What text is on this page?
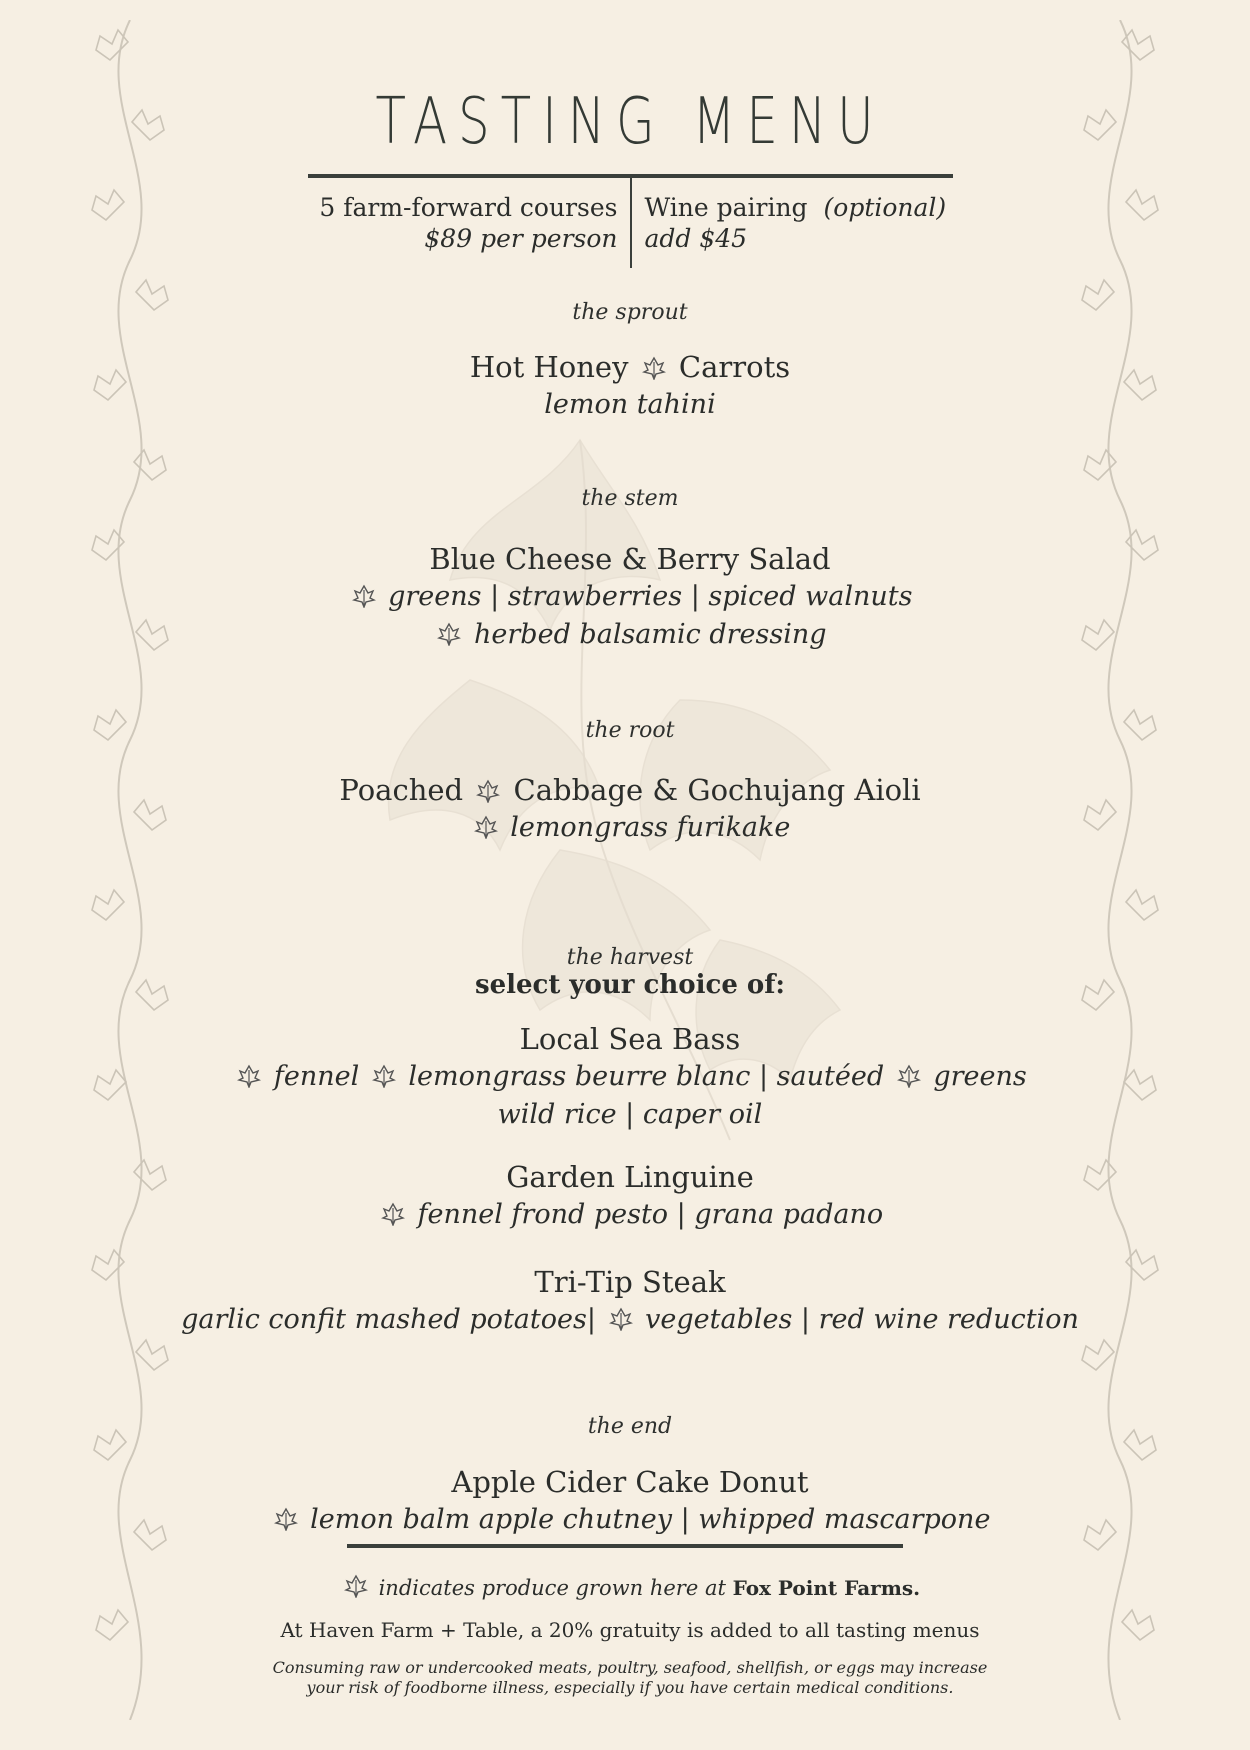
TASTING MENU
5 farm-forward courses
$89 per person
Wine pairing (optional)
add $45
the sprout
Hot Honey Carrots
lemon tahini
the stem
Blue Cheese & Berry Salad
greens | strawberries | spiced walnuts
herbed balsamic dressing
the root
Poached Cabbage & Gochujang Aioli
lemongrass furikake
the harvest
select your choice of:
Local Sea Bass
fennel lemongrass beurre blanc | sautéed greens
wild rice | caper oil
Garden Linguine
fennel frond pesto | grana padano
Tri-Tip Steak
garlic confit mashed potatoes| vegetables | red wine reduction
the end
Apple Cider Cake Donut
lemon balm apple chutney | whipped mascarpone
indicates produce grown here at Fox Point Farms.
At Haven Farm + Table, a 20% gratuity is added to all tasting menus
Consuming raw or undercooked meats, poultry, seafood, shellfish, or eggs may increase
your risk of foodborne illness, especially if you have certain medical conditions.
